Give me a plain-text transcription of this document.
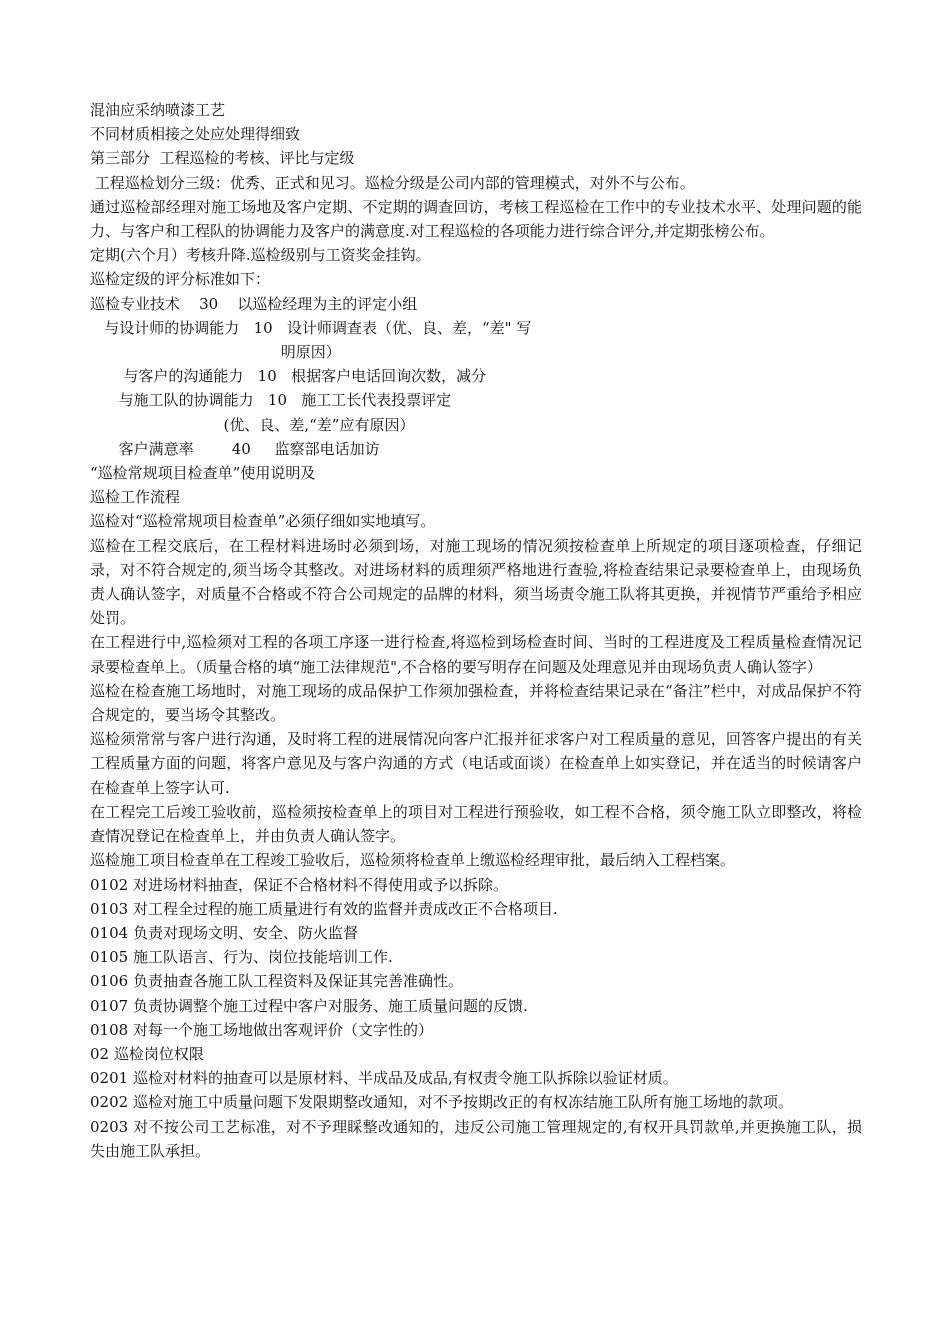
混油应采纳喷漆工艺

不同材质相接之处应处理得细致

第三部分  工程巡检的考核、评比与定级

工程巡检划分三级：优秀、正式和见习。巡检分级是公司内部的管理模式，对外不与公布。

通过巡检部经理对施工场地及客户定期、不定期的调查回访，考核工程巡检在工作中的专业技术水平、处理问题的能力、与客户和工程队的协调能力及客户的满意度.对工程巡检的各项能力进行综合评分,并定期张榜公布。

定期(六个月）考核升降.巡检级别与工资奖金挂钩。

巡检定级的评分标准如下：

巡检专业技术    30    以巡检经理为主的评定小组

与设计师的协调能力   10   设计师调查表（优、良、差，“差" 写

明原因）

与客户的沟通能力   10   根据客户电话回询次数，减分

与施工队的协调能力   10   施工工长代表投票评定

(优、良、差,“差”应有原因）

客户满意率        40     监察部电话加访

“巡检常规项目检查单”使用说明及

巡检工作流程

巡检对“巡检常规项目检查单”必须仔细如实地填写。

巡检在工程交底后，在工程材料进场时必须到场，对施工现场的情况须按检查单上所规定的项目逐项检查，仔细记录，对不符合规定的,须当场令其整改。对进场材料的质理须严格地进行查验,将检查结果记录要检查单上，由现场负责人确认签字，对质量不合格或不符合公司规定的品牌的材料，须当场责令施工队将其更换，并视情节严重给予相应处罚。

在工程进行中,巡检须对工程的各项工序逐一进行检查,将巡检到场检查时间、当时的工程进度及工程质量检查情况记录要检查单上。（质量合格的填“施工法律规范",不合格的要写明存在问题及处理意见并由现场负责人确认签字）

巡检在检查施工场地时，对施工现场的成品保护工作须加强检查，并将检查结果记录在“备注”栏中，对成品保护不符合规定的，要当场令其整改。

巡检须常常与客户进行沟通，及时将工程的进展情况向客户汇报并征求客户对工程质量的意见，回答客户提出的有关工程质量方面的问题，将客户意见及与客户沟通的方式（电话或面谈）在检查单上如实登记，并在适当的时候请客户在检查单上签字认可.

在工程完工后竣工验收前，巡检须按检查单上的项目对工程进行预验收，如工程不合格，须令施工队立即整改，将检查情况登记在检查单上，并由负责人确认签字。

巡检施工项目检查单在工程竣工验收后，巡检须将检查单上缴巡检经理审批，最后纳入工程档案。

0102 对进场材料抽查，保证不合格材料不得使用或予以拆除。

0103 对工程全过程的施工质量进行有效的监督并责成改正不合格项目.

0104 负责对现场文明、安全、防火监督

0105 施工队语言、行为、岗位技能培训工作.

0106 负责抽查各施工队工程资料及保证其完善准确性。

0107 负责协调整个施工过程中客户对服务、施工质量问题的反馈.

0108 对每一个施工场地做出客观评价（文字性的）

02 巡检岗位权限

0201 巡检对材料的抽查可以是原材料、半成品及成品,有权责令施工队拆除以验证材质。

0202 巡检对施工中质量问题下发限期整改通知，对不予按期改正的有权冻结施工队所有施工场地的款项。

0203 对不按公司工艺标准，对不予理睬整改通知的，违反公司施工管理规定的,有权开具罚款单,并更换施工队，损失由施工队承担。
